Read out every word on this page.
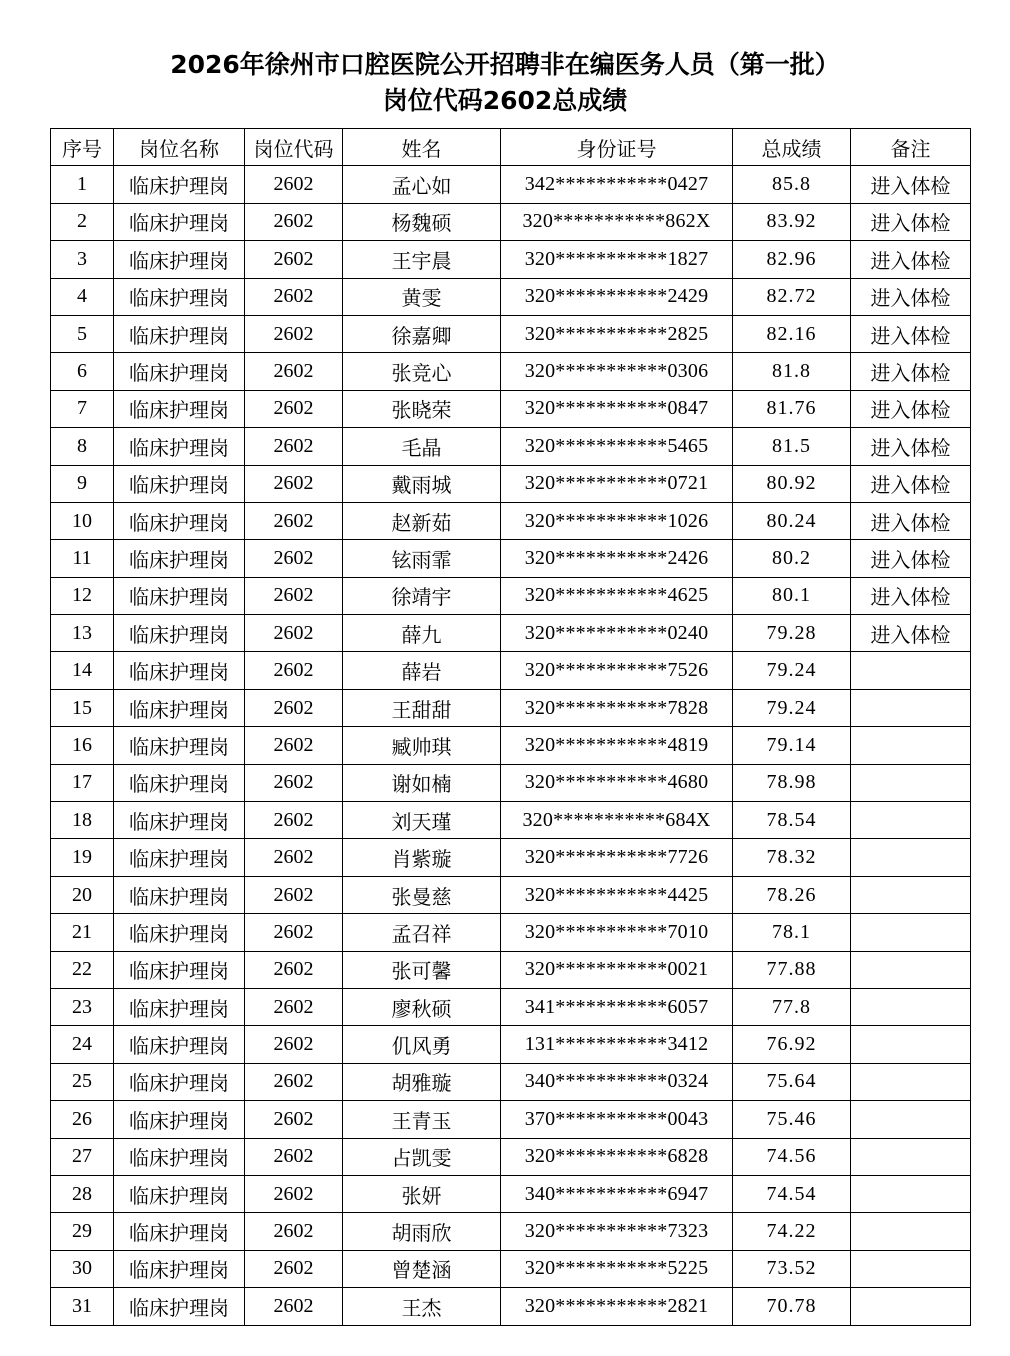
2026年徐州市口腔医院公开招聘非在编医务人员（第一批）
岗位代码2602总成绩
序号	岗位名称	岗位代码	姓名	身份证号	总成绩	备注
1	临床护理岗	2602	孟心如	342***********0427	85.8	进入体检
2	临床护理岗	2602	杨魏硕	320***********862X	83.92	进入体检
3	临床护理岗	2602	王宇晨	320***********1827	82.96	进入体检
4	临床护理岗	2602	黄雯	320***********2429	82.72	进入体检
5	临床护理岗	2602	徐嘉卿	320***********2825	82.16	进入体检
6	临床护理岗	2602	张竞心	320***********0306	81.8	进入体检
7	临床护理岗	2602	张晓荣	320***********0847	81.76	进入体检
8	临床护理岗	2602	毛晶	320***********5465	81.5	进入体检
9	临床护理岗	2602	戴雨城	320***********0721	80.92	进入体检
10	临床护理岗	2602	赵新茹	320***********1026	80.24	进入体检
11	临床护理岗	2602	铉雨霏	320***********2426	80.2	进入体检
12	临床护理岗	2602	徐靖宇	320***********4625	80.1	进入体检
13	临床护理岗	2602	薛九	320***********0240	79.28	进入体检
14	临床护理岗	2602	薛岩	320***********7526	79.24	
15	临床护理岗	2602	王甜甜	320***********7828	79.24	
16	临床护理岗	2602	臧帅琪	320***********4819	79.14	
17	临床护理岗	2602	谢如楠	320***********4680	78.98	
18	临床护理岗	2602	刘天瑾	320***********684X	78.54	
19	临床护理岗	2602	肖紫璇	320***********7726	78.32	
20	临床护理岗	2602	张曼慈	320***********4425	78.26	
21	临床护理岗	2602	孟召祥	320***********7010	78.1	
22	临床护理岗	2602	张可馨	320***********0021	77.88	
23	临床护理岗	2602	廖秋硕	341***********6057	77.8	
24	临床护理岗	2602	仉风勇	131***********3412	76.92	
25	临床护理岗	2602	胡雅璇	340***********0324	75.64	
26	临床护理岗	2602	王青玉	370***********0043	75.46	
27	临床护理岗	2602	占凯雯	320***********6828	74.56	
28	临床护理岗	2602	张妍	340***********6947	74.54	
29	临床护理岗	2602	胡雨欣	320***********7323	74.22	
30	临床护理岗	2602	曾楚涵	320***********5225	73.52	
31	临床护理岗	2602	王杰	320***********2821	70.78	
